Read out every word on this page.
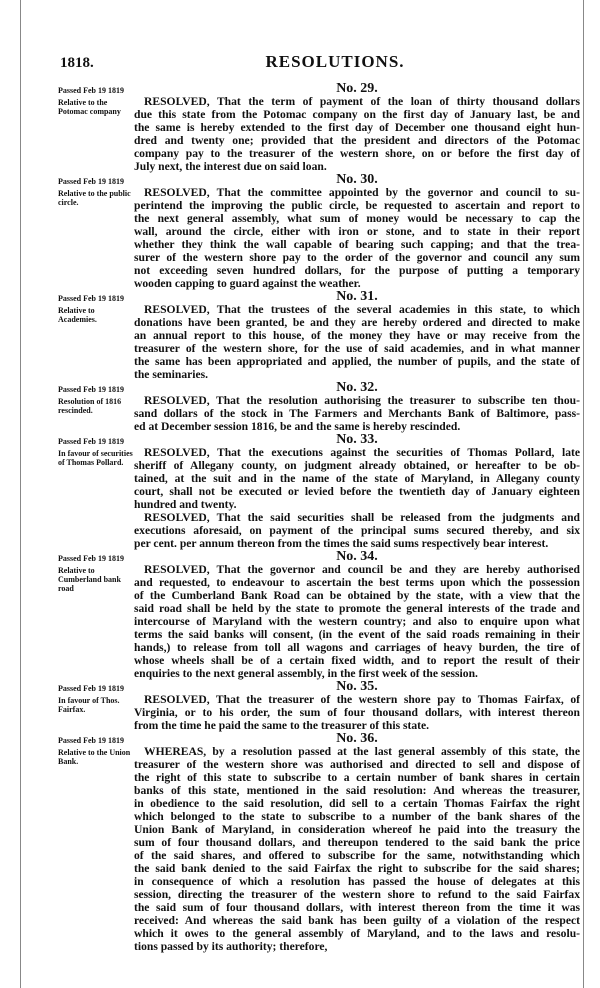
1818.	RESOLUTIONS.
Passed Feb 19 1819
Relative to the Potomac company
No. 29.
RESOLVED, That the term of payment of the loan of thirty thousand dollars
due this state from the Potomac company on the first day of January last, be and
the same is hereby extended to the first day of December one thousand eight hun-
dred and twenty one; provided that the president and directors of the Potomac
company pay to the treasurer of the western shore, on or before the first day of
July next, the interest due on said loan.
Passed Feb 19 1819
Relative to the public circle.
No. 30.
RESOLVED, That the committee appointed by the governor and council to su-
perintend the improving the public circle, be requested to ascertain and report to
the next general assembly, what sum of money would be necessary to cap the
wall, around the circle, either with iron or stone, and to state in their report
whether they think the wall capable of bearing such capping; and that the trea-
surer of the western shore pay to the order of the governor and council any sum
not exceeding seven hundred dollars, for the purpose of putting a temporary
wooden capping to guard against the weather.
Passed Feb 19 1819
Relative to Academies.
No. 31.
RESOLVED, That the trustees of the several academies in this state, to which
donations have been granted, be and they are hereby ordered and directed to make
an annual report to this house, of the money they have or may receive from the
treasurer of the western shore, for the use of said academies, and in what manner
the same has been appropriated and applied, the number of pupils, and the state of
the seminaries.
Passed Feb 19 1819
Resolution of 1816 rescinded.
No. 32.
RESOLVED, That the resolution authorising the treasurer to subscribe ten thou-
sand dollars of the stock in The Farmers and Merchants Bank of Baltimore, pass-
ed at December session 1816, be and the same is hereby rescinded.
Passed Feb 19 1819
In favour of securities of Thomas Pollard.
No. 33.
RESOLVED, That the executions against the securities of Thomas Pollard, late
sheriff of Allegany county, on judgment already obtained, or hereafter to be ob-
tained, at the suit and in the name of the state of Maryland, in Allegany county
court, shall not be executed or levied before the twentieth day of January eighteen
hundred and twenty.
RESOLVED, That the said securities shall be released from the judgments and
executions aforesaid, on payment of the principal sums secured thereby, and six
per cent. per annum thereon from the times the said sums respectively bear interest.
Passed Feb 19 1819
Relative to Cumberland bank road
No. 34.
RESOLVED, That the governor and council be and they are hereby authorised
and requested, to endeavour to ascertain the best terms upon which the possession
of the Cumberland Bank Road can be obtained by the state, with a view that the
said road shall be held by the state to promote the general interests of the trade and
intercourse of Maryland with the western country; and also to enquire upon what
terms the said banks will consent, (in the event of the said roads remaining in their
hands,) to release from toll all wagons and carriages of heavy burden, the tire of
whose wheels shall be of a certain fixed width, and to report the result of their
enquiries to the next general assembly, in the first week of the session.
Passed Feb 19 1819
In favour of Thos. Fairfax.
No. 35.
RESOLVED, That the treasurer of the western shore pay to Thomas Fairfax, of
Virginia, or to his order, the sum of four thousand dollars, with interest thereon
from the time he paid the same to the treasurer of this state.
Passed Feb 19 1819
Relative to the Union Bank.
No. 36.
WHEREAS, by a resolution passed at the last general assembly of this state, the
treasurer of the western shore was authorised and directed to sell and dispose of
the right of this state to subscribe to a certain number of bank shares in certain
banks of this state, mentioned in the said resolution: And whereas the treasurer,
in obedience to the said resolution, did sell to a certain Thomas Fairfax the right
which belonged to the state to subscribe to a number of the bank shares of the
Union Bank of Maryland, in consideration whereof he paid into the treasury the
sum of four thousand dollars, and thereupon tendered to the said bank the price
of the said shares, and offered to subscribe for the same, notwithstanding which
the said bank denied to the said Fairfax the right to subscribe for the said shares;
in consequence of which a resolution has passed the house of delegates at this
session, directing the treasurer of the western shore to refund to the said Fairfax
the said sum of four thousand dollars, with interest thereon from the time it was
received: And whereas the said bank has been guilty of a violation of the respect
which it owes to the general assembly of Maryland, and to the laws and resolu-
tions passed by its authority; therefore,
